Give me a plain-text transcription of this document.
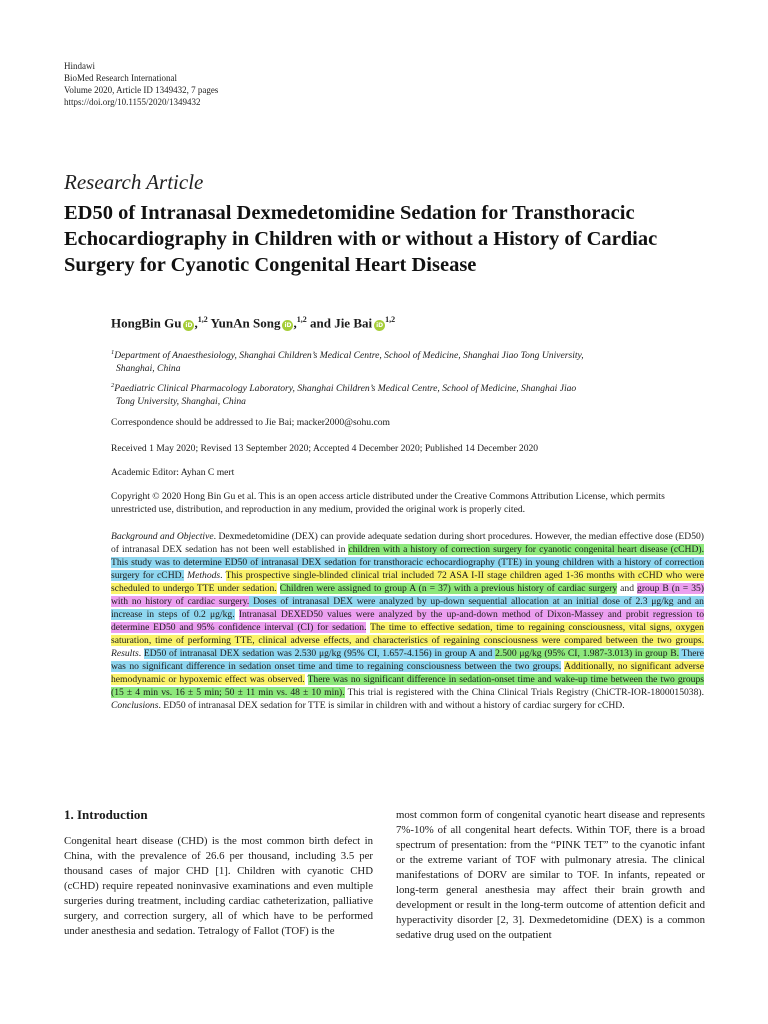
Hindawi
BioMed Research International
Volume 2020, Article ID 1349432, 7 pages
https://doi.org/10.1155/2020/1349432
Research Article
ED50 of Intranasal Dexmedetomidine Sedation for Transthoracic Echocardiography in Children with or without a History of Cardiac Surgery for Cyanotic Congenital Heart Disease
HongBin Gu iD ,$^{1,2}$ YunAn Song iD ,$^{1,2}$ and Jie Bai iD$^{1,2}$
$^1$Department of Anaesthesiology, Shanghai Children’s Medical Centre, School of Medicine, Shanghai Jiao Tong University,
Shanghai, China
$^2$Paediatric Clinical Pharmacology Laboratory, Shanghai Children’s Medical Centre, School of Medicine, Shanghai Jiao
Tong University, Shanghai, China
Correspondence should be addressed to Jie Bai; macker2000@sohu.com
Received 1 May 2020; Revised 13 September 2020; Accepted 4 December 2020; Published 14 December 2020
Academic Editor: Ayhan C mert
Copyright © 2020 Hong Bin Gu et al. This is an open access article distributed under the Creative Commons Attribution License, which permits unrestricted use, distribution, and reproduction in any medium, provided the original work is properly cited.
Background and Objective. Dexmedetomidine (DEX) can provide adequate sedation during short procedures. However, the median effective dose (ED50) of intranasal DEX sedation has not been well established in children with a history of correction surgery for cyanotic congenital heart disease (cCHD). This study was to determine ED50 of intranasal DEX sedation for transthoracic echocardiography (TTE) in young children with a history of correction surgery for cCHD. Methods. This prospective single-blinded clinical trial included 72 ASA I-II stage children aged 1-36 months with cCHD who were scheduled to undergo TTE under sedation. Children were assigned to group A (n = 37) with a previous history of cardiac surgery and group B (n = 35) with no history of cardiac surgery. Doses of intranasal DEX were analyzed by up-down sequential allocation at an initial dose of 2.3 μg/kg and an increase in steps of 0.2 μg/kg. Intranasal DEXED50 values were analyzed by the up-and-down method of Dixon-Massey and probit regression to determine ED50 and 95% confidence interval (CI) for sedation. The time to effective sedation, time to regaining consciousness, vital signs, oxygen saturation, time of performing TTE, clinical adverse effects, and characteristics of regaining consciousness were compared between the two groups. Results. ED50 of intranasal DEX sedation was 2.530 μg/kg (95% CI, 1.657-4.156) in group A and 2.500 μg/kg (95% CI, 1.987-3.013) in group B. There was no significant difference in sedation onset time and time to regaining consciousness between the two groups. Additionally, no significant adverse hemodynamic or hypoxemic effect was observed. There was no significant difference in sedation-onset time and wake-up time between the two groups (15 ± 4 min vs. 16 ± 5 min; 50 ± 11 min vs. 48 ± 10 min). This trial is registered with the China Clinical Trials Registry (ChiCTR-IOR-1800015038). Conclusions. ED50 of intranasal DEX sedation for TTE is similar in children with and without a history of cardiac surgery for cCHD.
1. Introduction
Congenital heart disease (CHD) is the most common birth defect in China, with the prevalence of 26.6 per thousand, including 3.5 per thousand cases of major CHD [1]. Children with cyanotic CHD (cCHD) require repeated noninvasive examinations and even multiple surgeries during treatment, including cardiac catheterization, palliative surgery, and correction surgery, all of which have to be performed under anesthesia and sedation. Tetralogy of Fallot (TOF) is the
most common form of congenital cyanotic heart disease and represents 7%-10% of all congenital heart defects. Within TOF, there is a broad spectrum of presentation: from the “PINK TET” to the cyanotic infant or the extreme variant of TOF with pulmonary atresia. The clinical manifestations of DORV are similar to TOF. In infants, repeated or long-term general anesthesia may affect their brain growth and development or result in the long-term outcome of attention deficit and hyperactivity disorder [2, 3]. Dexmedetomidine (DEX) is a common sedative drug used on the outpatient
